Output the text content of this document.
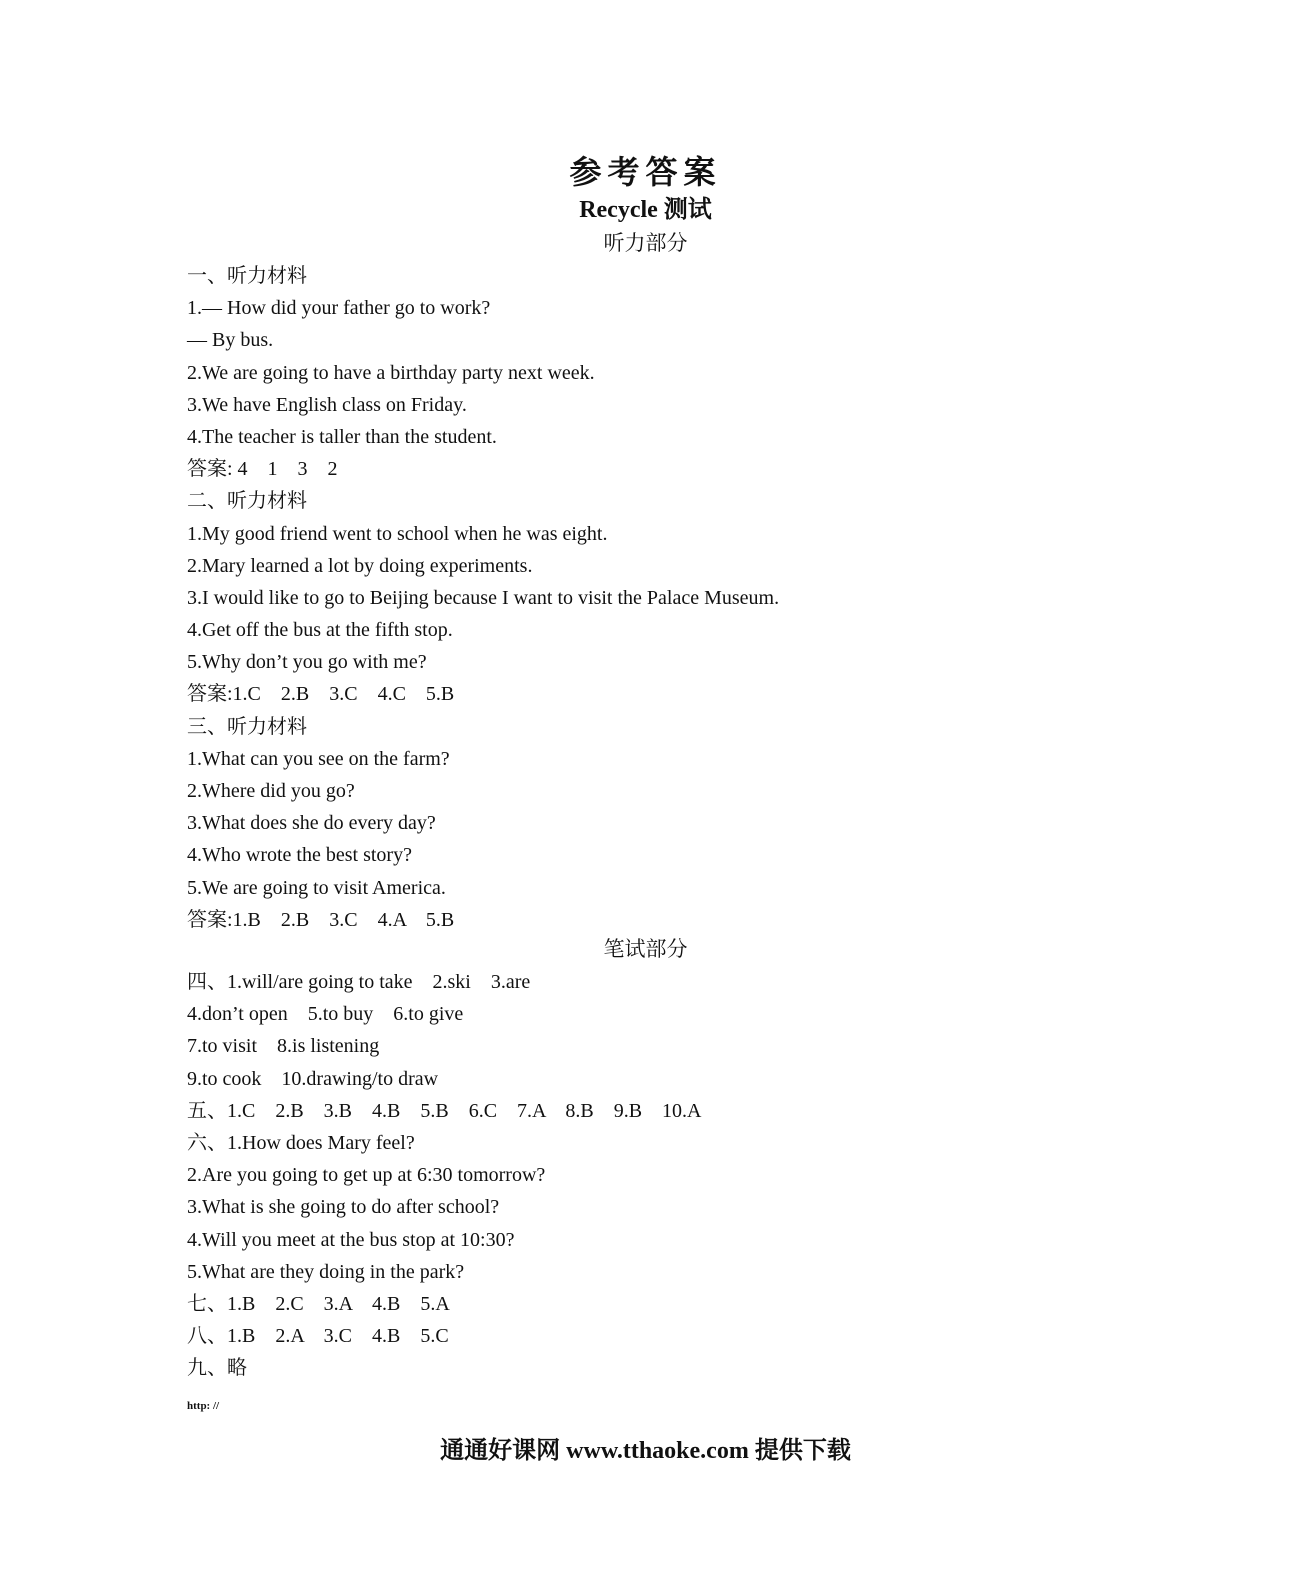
参考答案
Recycle 测试
听力部分
一、听力材料
1.— How did your father go to work?
— By bus.
2.We are going to have a birthday party next week.
3.We have English class on Friday.
4.The teacher is taller than the student.
答案: 4    1    3    2
二、听力材料
1.My good friend went to school when he was eight.
2.Mary learned a lot by doing experiments.
3.I would like to go to Beijing because I want to visit the Palace Museum.
4.Get off the bus at the fifth stop.
5.Why don’t you go with me?
答案:1.C    2.B    3.C    4.C    5.B
三、听力材料
1.What can you see on the farm?
2.Where did you go?
3.What does she do every day?
4.Who wrote the best story?
5.We are going to visit America.
答案:1.B    2.B    3.C    4.A    5.B
笔试部分
四、1.will/are going to take    2.ski    3.are
4.don’t open    5.to buy    6.to give
7.to visit    8.is listening
9.to cook    10.drawing/to draw
五、1.C    2.B    3.B    4.B    5.B    6.C    7.A    8.B    9.B    10.A
六、1.How does Mary feel?
2.Are you going to get up at 6:30 tomorrow?
3.What is she going to do after school?
4.Will you meet at the bus stop at 10:30?
5.What are they doing in the park?
七、1.B    2.C    3.A    4.B    5.A
八、1.B    2.A    3.C    4.B    5.C
九、略
http: //
通通好课网 www.tthaoke.com 提供下载
